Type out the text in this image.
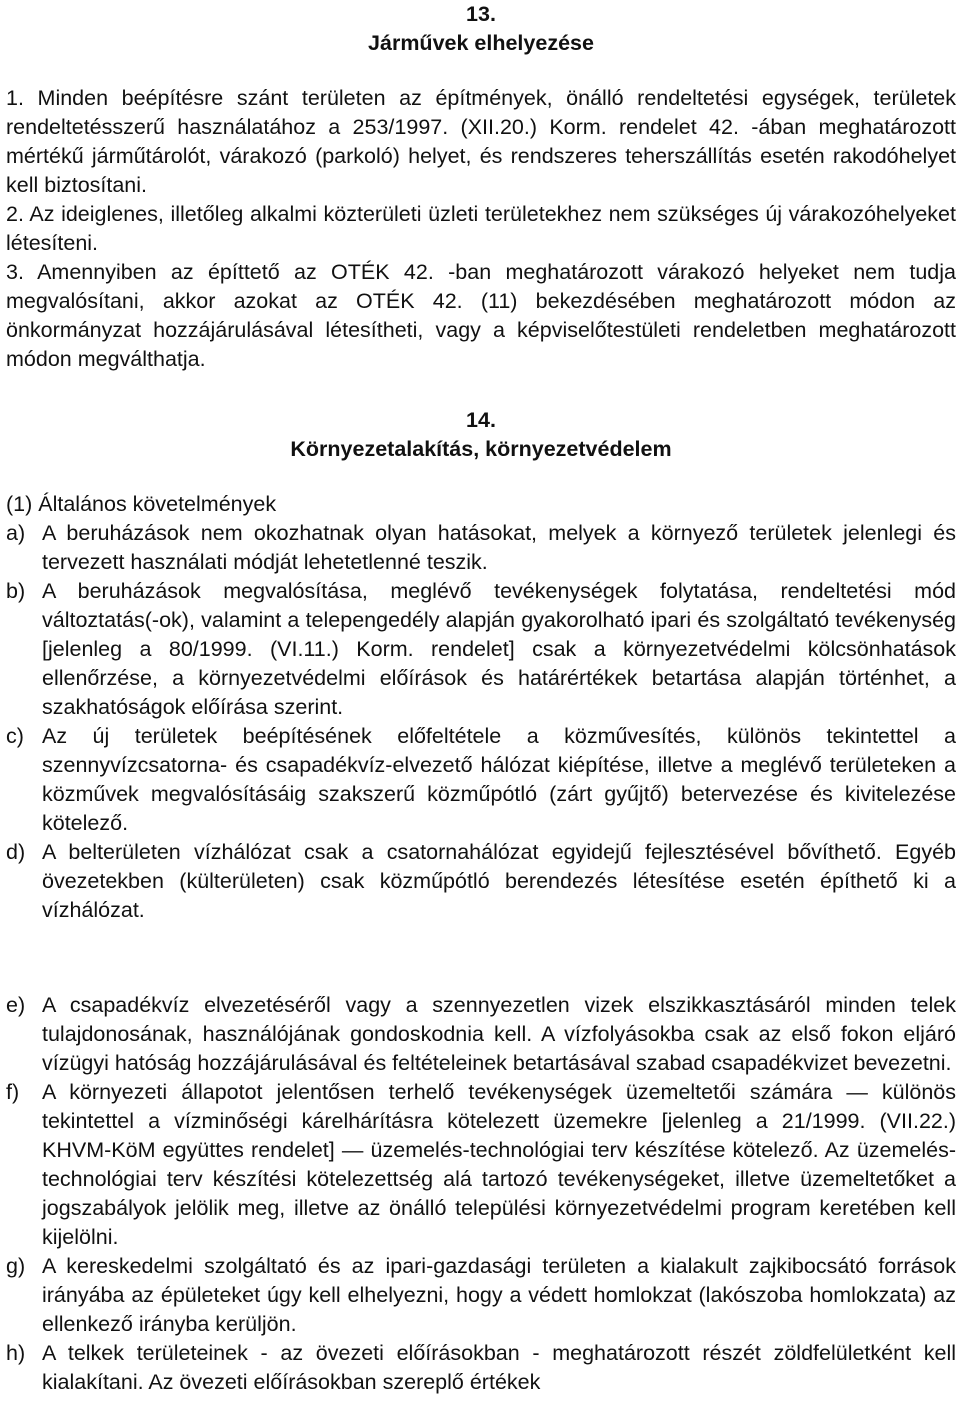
13.
Járművek elhelyezése

1. Minden beépítésre szánt területen az építmények, önálló rendeltetési egységek, területek rendeltetésszerű használatához a 253/1997. (XII.20.) Korm. rendelet 42. -ában meghatározott mértékű járműtárolót, várakozó (parkoló) helyet, és rendszeres teherszállítás esetén rakodóhelyet kell biztosítani.

2. Az ideiglenes, illetőleg alkalmi közterületi üzleti területekhez nem szükséges új várakozóhelyeket létesíteni.

3. Amennyiben az építtető az OTÉK 42. -ban meghatározott várakozó helyeket nem tudja megvalósítani, akkor azokat az OTÉK 42. (11) bekezdésében meghatározott módon az önkormányzat hozzájárulásával létesítheti, vagy a képviselőtestületi rendeletben meghatározott módon megválthatja.

14.
Környezetalakítás, környezetvédelem

(1) Általános követelmények

a) A beruházások nem okozhatnak olyan hatásokat, melyek a környező területek jelenlegi és tervezett használati módját lehetetlenné teszik.
b) A beruházások megvalósítása, meglévő tevékenységek folytatása, rendeltetési mód változtatás(-ok), valamint a telepengedély alapján gyakorolható ipari és szolgáltató tevékenység [jelenleg a 80/1999. (VI.11.) Korm. rendelet] csak a környezetvédelmi kölcsönhatások ellenőrzése, a környezetvédelmi előírások és határértékek betartása alapján történhet, a szakhatóságok előírása szerint.
c) Az új területek beépítésének előfeltétele a közművesítés, különös tekintettel a szennyvízcsatorna- és csapadékvíz-elvezető hálózat kiépítése, illetve a meglévő területeken a közművek megvalósításáig szakszerű közműpótló (zárt gyűjtő) betervezése és kivitelezése kötelező.
d) A belterületen vízhálózat csak a csatornahálózat egyidejű fejlesztésével bővíthető. Egyéb övezetekben (külterületen) csak közműpótló berendezés létesítése esetén építhető ki a vízhálózat.
e) A csapadékvíz elvezetéséről vagy a szennyezetlen vizek elszikkasztásáról minden telek tulajdonosának, használójának gondoskodnia kell. A vízfolyásokba csak az első fokon eljáró vízügyi hatóság hozzájárulásával és feltételeinek betartásával szabad csapadékvizet bevezetni.
f)	A környezeti állapotot jelentősen terhelő tevékenységek üzemeltetői számára — különös tekintettel a vízminőségi kárelhárításra kötelezett üzemekre [jelenleg a 21/1999. (VII.22.) KHVM-KöM együttes rendelet] — üzemelés-technológiai terv készítése kötelező. Az üzemelés-technológiai terv készítési kötelezettség alá tartozó tevékenységeket, illetve üzemeltetőket a jogszabályok jelölik meg, illetve az önálló települési környezetvédelmi program keretében kell kijelölni.
g) A kereskedelmi szolgáltató és az ipari-gazdasági területen a kialakult zajkibocsátó források irányába az épületeket úgy kell elhelyezni, hogy a védett homlokzat (lakószoba homlokzata) az ellenkező irányba kerüljön.
h) A telkek területeinek - az övezeti előírásokban - meghatározott részét zöldfelületként kell kialakítani. Az övezeti előírásokban szereplő értékek
